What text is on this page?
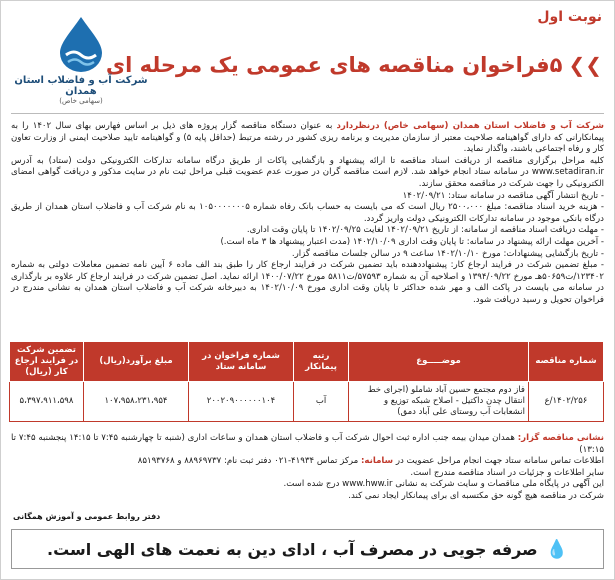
نوبت اول
❯❯۵فراخوان مناقصه های عمومی یک مرحله ای
شرکت آب و فاضلاب استان همدان
(سهامی خاص)

شرکت آب و فاضلاب استان همدان (سهامی خاص) درنظردارد به عنوان دستگاه مناقصه گزار پروژه های ذیل بر اساس فهارس بهای سال ۱۴۰۲ را به پیمانکارانی که دارای گواهینامه صلاحیت معتبر از سازمان مدیریت و برنامه ریزی کشور در رشته مرتبط (حداقل پایه ۵) و گواهینامه تایید صلاحیت ایمنی از وزارت تعاون کار و رفاه اجتماعی باشند، واگذار نماید.

کلیه مراحل برگزاری مناقصه از دریافت اسناد مناقصه تا ارائه پیشنهاد و بازگشایی پاکات از طریق درگاه سامانه تدارکات الکترونیکی دولت (ستاد) به آدرس www.setadiran.ir در سامانه ستاد انجام خواهد شد. لازم است مناقصه گران در صورت عدم عضویت قبلی مراحل ثبت نام در سایت مذکور و دریافت گواهی امضای الکترونیکی را جهت شرکت در مناقصه محقق سازند.

- تاریخ انتشار آگهی مناقصه در سامانه ستاد: ۱۴۰۲/۰۹/۲۱
- هزینه خرید اسناد مناقصه: مبلغ ۲۵۰۰،۰۰۰ ریال است که می بایست به حساب بانک رفاه شماره ۱۰۵۰۰۰۰۰۰۰۵ به نام شرکت آب و فاضلاب استان همدان از طریق درگاه بانکی موجود در سامانه تدارکات الکترونیکی دولت واریز گردد.
- مهلت دریافت اسناد مناقصه از سامانه: از تاریخ ۱۴۰۲/۰۹/۲۱ لغایت ۱۴۰۲/۰۹/۲۵ تا پایان وقت اداری.
- آخرین مهلت ارائه پیشنهاد در سامانه: تا پایان وقت اداری ۱۴۰۲/۱۰/۰۹ (مدت اعتبار پیشنهاد ها ۳ ماه است.)
- تاریخ بازگشایی پیشنهادات: مورخ ۱۴۰۲/۱۰/۱۰ ساعت ۹ در سالن جلسات مناقصه گزار.
- مبلغ تضمین شرکت در فرایند ارجاع کار: پیشنهاددهنده باید تضمین شرکت در فرایند ارجاع کار را طبق بند الف ماده ۶ آیین نامه تضمین معاملات دولتی به شماره ۱۲۳۴۰۲/ت۵۰۶۵۹هـ مورخ ۱۳۹۴/۰۹/۲۲ و اصلاحیه آن به شماره ۵۷۵۹۳/ت۵۸۱۱ مورخ ۱۴۰۰/۰۷/۲۲ ارائه نماید. اصل تضمین شرکت در فرایند ارجاع کار علاوه بر بارگذاری در سامانه می بایست در پاکت الف و مهر شده حداکثر تا پایان وقت اداری مورخ ۱۴۰۲/۱۰/۰۹ به دبیرخانه شرکت آب و فاضلاب استان همدان به نشانی مندرج در فراخوان تحویل و رسید دریافت شود.
شماره مناقصه	موضـــــوع	رتبه پیمانکار	شماره فراخوان در سامانه ستاد	مبلغ برآورد(ریال)	تضمین شرکت در فرایند ارجاع کار (ریال)
۱۴۰۲/۲۵۶/ع	فاز دوم مجتمع حسین آباد شاملو (اجرای خط انتقال چدن داکتیل - اصلاح شبکه توزیع و انشعابات آب روستای علی آباد دمق)	آب	۲۰۰۲۰۹۰۰۰۰۰۰۱۰۴	۱۰۷،۹۵۸،۲۳۱،۹۵۴	۵،۳۹۷،۹۱۱،۵۹۸
نشانی مناقصه گزار: همدان میدان بیمه جنب اداره ثبت احوال شرکت آب و فاضلاب استان همدان و ساعات اداری (شنبه تا چهارشنبه ۷:۴۵ تا ۱۴:۱۵ پنجشنبه ۷:۴۵ تا ۱۳:۱۵)
اطلاعات تماس سامانه ستاد جهت انجام مراحل عضویت در سامانه: مرکز تماس ۴۱۹۳۴-۰۲۱ دفتر ثبت نام: ۸۸۹۶۹۷۳۷ و ۸۵۱۹۳۷۶۸
سایر اطلاعات و جزئیات در اسناد مناقصه مندرج است.
این آگهی در پایگاه ملی مناقصات و سایت شرکت به نشانی www.hww.ir درج شده است.
شرکت در مناقصه هیچ گونه حق مکتسبه ای برای پیمانکار ایجاد نمی کند.
دفتر روابط عمومی و آموزش همگانی
💧
صرفه جویی در مصرف آب ، ادای دین به نعمت های الهی است.
